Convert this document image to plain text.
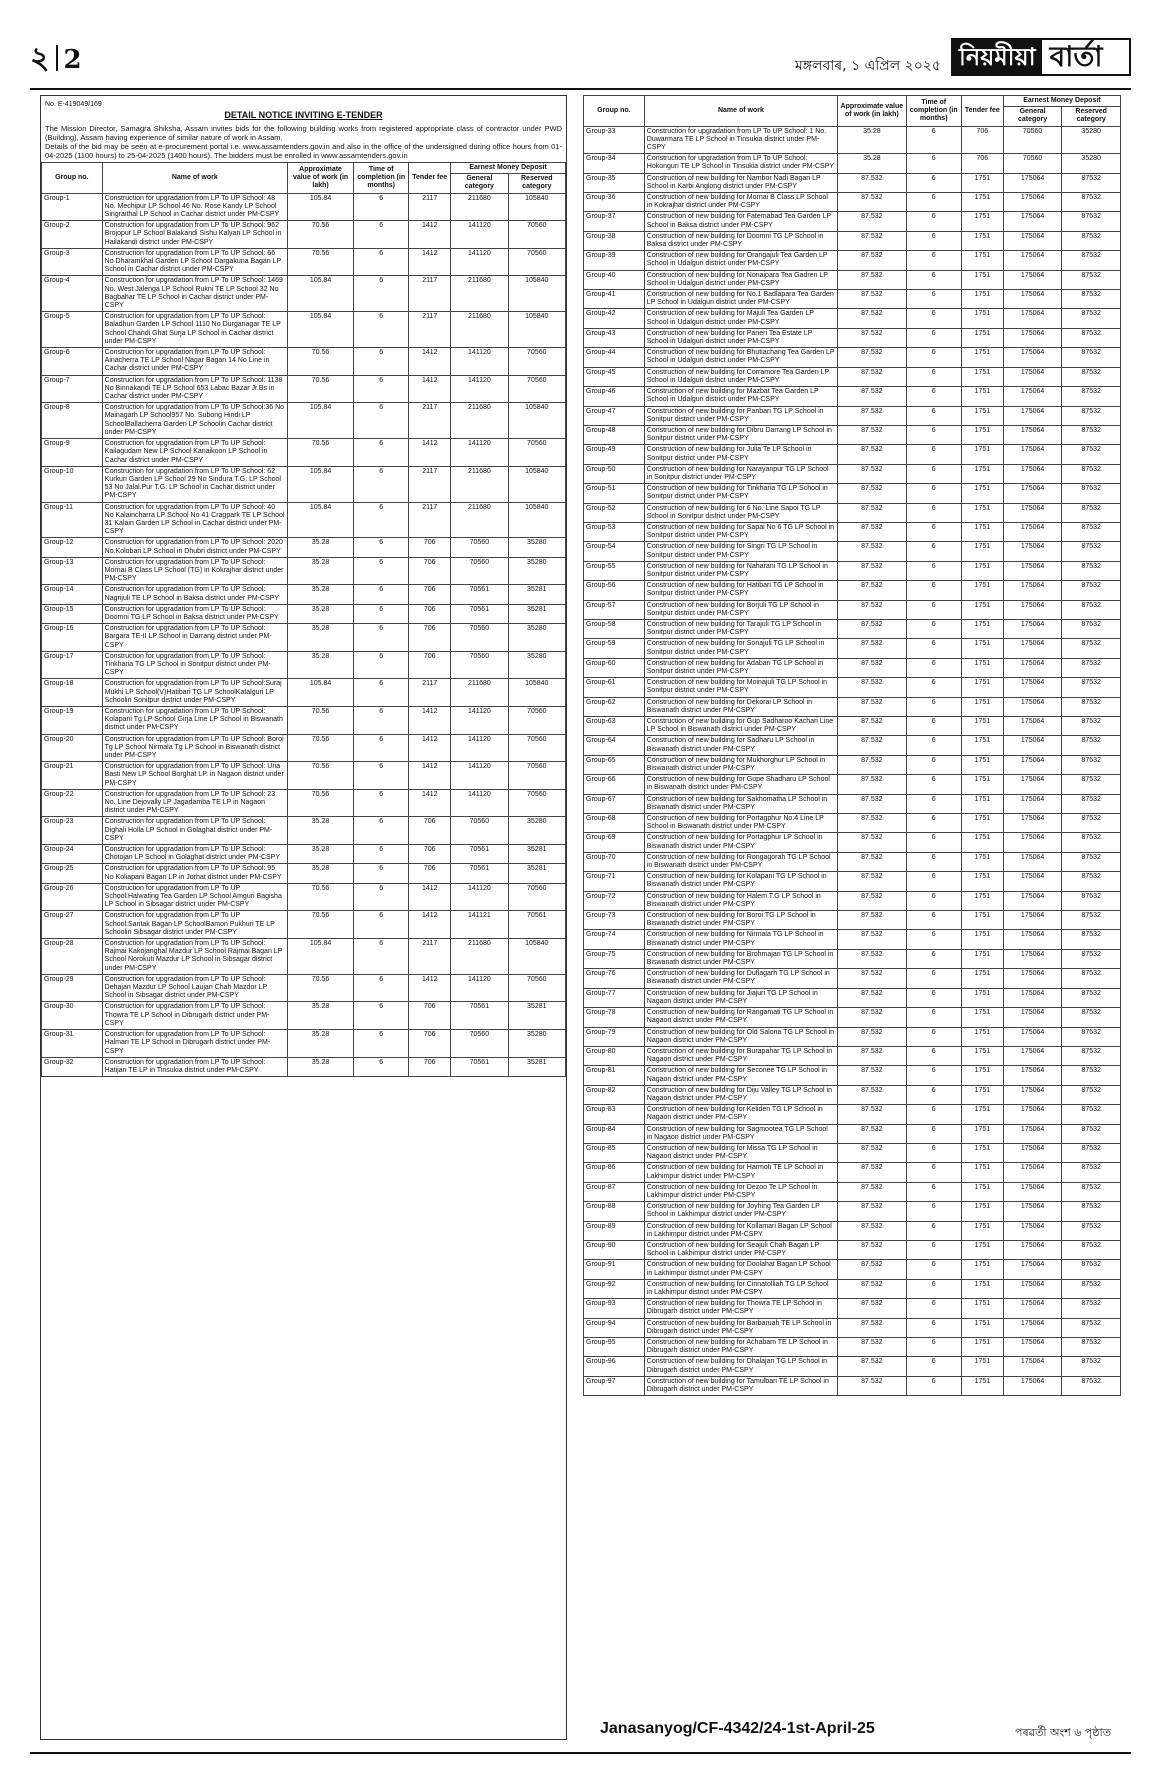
২ 2	মঙ্গলবাৰ, ১ এপ্ৰিল ২০২৫ নিয়মীয়া বাৰ্তা
No. E-419049/169
DETAIL NOTICE INVITING E-TENDER

The Mission Director, Samagra Shiksha, Assam invites bids for the following building works from registered appropriate class of contractor under PWD (Building), Assam having experience of similar nature of work in Assam.

Details of the bid may be seen at e-procurement portal i.e. www.assamtenders.gov.in and also in the office of the undersigned during office hours from 01-04-2025 (1100 hours) to 25-04-2025 (1400 hours). The bidders must be enrolled in www.assamtenders.gov.in

Group no.	Name of work	Approximate value of work (in lakh)	Time of completion (in months)	Tender fee	Earnest Money Deposit	
					General category	Reserved category
Group-1	Construction for upgradation from LP To UP School: 48 No. Mechipur LP School 46 No. Rose Kandy LP School Singraithal LP School in Cachar district under PM-CSPY	105.84	6	2117	211680	105840
Group-2	Construction for upgradation from LP To UP School: 962 Brojopur LP School Balakandi Sishu Kalyan LP School in Hailakandi district under PM-CSPY	70.56	6	1412	141120	70560
Group-3	Construction for upgradation from LP To UP School: 66 No Dharamkhal Garden LP School Dargakuna Bagan LP School in Cachar district under PM-CSPY	70.56	6	1412	141120	70560
Group-4	Construction for upgradation from LP To UP School: 1469 No. West Jalenga LP School Rukni TE LP School 32 No Bagbahar TE LP School in Cachar district under PM-CSPY	105.84	6	2117	211680	105840
Group-5	Construction for upgradation from LP To UP School: Baladhun Garden LP School 1110 No Durganagar TE LP School Chandi Ghat Surja LP School in Cachar district under PM-CSPY	105.84	6	2117	211680	105840
Group-6	Construction for upgradation from LP To UP School: Ainacherra TE LP School Nagar Bagan 14 No Line in Cachar district under PM-CSPY	70.56	6	1412	141120	70560
Group-7	Construction for upgradation from LP To UP School: 1138 No Binnakandi TE LP School 653 Labac Bazar Jr.Bs in Cachar district under PM-CSPY	70.56	6	1412	141120	70560
Group-8	Construction for upgradation from LP To UP School:36 No Mainagarh LP School957 No. Subong Hindi LP SchoolBallacherra Garden LP Schoolin Cachar district under PM-CSPY	105.84	6	2117	211680	105840
Group-9	Construction for upgradation from LP To UP School: Kailagudam New LP School Kanaikoon LP School in Cachar district under PM-CSPY	70.56	6	1412	141120	70560
Group-10	Construction for upgradation from LP To UP School: 62 Kurkuri Garden LP School 29 No Sindura T.G. LP School 53 No Jalal.Pur T.G. LP School in Cachar district under PM-CSPY	105.84	6	2117	211680	105840
Group-11	Construction for upgradation from LP To UP School: 40 No Kalaincharra LP School No 41 Cragpark TE LP School 31 Kalain Garden LP School in Cachar district under PM-CSPY	105.84	6	2117	211680	105840
Group-12	Construction for upgradation from LP To UP School: 2020 No.Kolobari LP School in Dhubri district under PM-CSPY	35.28	6	706	70560	35280
Group-13	Construction for upgradation from LP To UP School: Mornai B Class LP School (TG) in Kokrajhar district under PM-CSPY	35.28	6	706	70560	35280
Group-14	Construction for upgradation from LP To UP School: Nagrijuli TE LP School in Baksa district under PM-CSPY	35.28	6	706	70561	35281
Group-15	Construction for upgradation from LP To UP School: Doomni TG LP School in Baksa district under PM-CSPY	35.28	6	706	70561	35281
Group-16	Construction for upgradation from LP To UP School: Bargara TE-II LP School in Darrang district under PM-CSPY	35.28	6	706	70560	35280
Group-17	Construction for upgradation from LP To UP School: Tinkharia TG LP School in Sonitpur district under PM-CSPY	35.28	6	706	70560	35280
Group-18	Construction for upgradation from LP To UP School:Suraj Mukhi LP School(V)Hatibari TG LP SchoolKatalguri LP Schoolin Sonitpur district under PM-CSPY	105.84	6	2117	211680	105840
Group-19	Construction for upgradation from LP To UP School: Kolapani Tg LP School Girja Line LP School in Biswanath district under PM-CSPY	70.56	6	1412	141120	70560
Group-20	Construction for upgradation from LP To UP School: Boroi Tg LP School Nirmala Tg LP School in Biswanath district under PM-CSPY	70.56	6	1412	141120	70560
Group-21	Construction for upgradation from LP To UP School: Uria Basti New LP School Borghat LP. in Nagaon district under PM-CSPY	70.56	6	1412	141120	70560
Group-22	Construction for upgradation from LP To UP School: 23 No. Line Dejovally LP Jagadamba TE LP in Nagaon district under PM-CSPY	70.56	6	1412	141120	70560
Group-23	Construction for upgradation from LP To UP School: Dighali Holla LP School in Golaghat district under PM-CSPY	35.28	6	706	70560	35280
Group-24	Construction for upgradation from LP To UP School: Chotojan LP School in Golaghat district under PM-CSPY	35.28	6	706	70561	35281
Group-25	Construction for upgradation from LP To UP School: 95 No Koliapani Bagan LP in Jorhat district under PM-CSPY	35.28	6	706	70561	35281
Group-26	Construction for upgradation from LP To UP School:Halwating Tea Garden LP School Amguri Bagisha LP School in Sibsagar district under PM-CSPY	70.56	6	1412	141120	70560
Group-27	Construction for upgradation from LP To UP School:Santak Bagan LP SchoolBamon Pukhuri TE LP Schoolin Sibsagar district under PM-CSPY	70.56	6	1412	141121	70561
Group-28	Construction for upgradation from LP To UP School: Rajmai Kakojanghal Mazdur LP School Rajmai Bagan LP School Norokuti Mazdur LP School in Sibsagar district under PM-CSPY	105.84	6	2117	211680	105840
Group-29	Construction for upgradation from LP To UP School: Dehajan Mazdur LP School Laujan Chah Mazdor LP School in Sibsagar district under PM-CSPY	70.56	6	1412	141120	70560
Group-30	Construction for upgradation from LP To UP School: Thowra TE LP School in Dibrugarh district under PM-CSPY	35.28	6	706	70561	35281
Group-31	Construction for upgradation from LP To UP School: Halmari TE LP School in Dibrugarh district under PM-CSPY	35.28	6	706	70560	35280
Group-32	Construction for upgradation from LP To UP School: Hatijan TE LP in Tinsukia district under PM-CSPY	35.28	6	706	70561	35281
Group no.	Name of work	Approximate value of work (in lakh)	Time of completion (in months)	Tender fee	Earnest Money Deposit	
					General category	Reserved category
Group-33	Construction for upgradation from LP To UP School: 1 No. Duwarmara TE LP School in Tinsukia district under PM-CSPY	35.28	6	706	70560	35280
Group-34	Construction for upgradation from LP To UP School: Hokonguri TE LP School in Tinsukia district under PM-CSPY	35.28	6	706	70560	35280
Group-35	Construction of new building for Nambor Nadi Bagan LP School in Karbi Anglong district under PM-CSPY	87.532	6	1751	175064	87532
Group-36	Construction of new building for Mornai B Class LP School in Kokrajhar district under PM-CSPY	87.532	6	1751	175064	87532
Group-37	Construction of new building for Fatemabad Tea Garden LP School in Baksa district under PM-CSPY	87.532	6	1751	175064	87532
Group-38	Construction of new building for Doomni TG LP School in Baksa district under PM-CSPY	87.532	6	1751	175064	87532
Group-39	Construction of new building for Orangajuli Tea Garden LP School in Udalguri district under PM-CSPY	87.532	6	1751	175064	87532
Group-40	Construction of new building for Nonaipara Tea Gadren LP School in Udalguri district under PM-CSPY	87.532	6	1751	175064	87532
Group-41	Construction of new building for No.1 Badlapara Tea Garden LP School in Udalguri district under PM-CSPY	87.532	6	1751	175064	87532
Group-42	Construction of new building for Majuli Tea Garden LP School in Udalguri district under PM-CSPY	87.532	6	1751	175064	87532
Group-43	Construction of new building for Paneri Tea Estate LP School in Udalguri district under PM-CSPY	87.532	6	1751	175064	87532
Group-44	Construction of new building for Bhutiachang Tea Garden LP School in Udalguri district under PM-CSPY	87.532	6	1751	175064	87532
Group-45	Construction of new building for Corramore Tea Garden LP School in Udalguri district under PM-CSPY	87.532	6	1751	175064	87532
Group-46	Construction of new building for Mazbat Tea Garden LP School in Udalguri district under PM-CSPY	87.532	6	1751	175064	87532
Group-47	Construction of new building for Panbari TG LP School in Sonitpur district under PM-CSPY	87.532	6	1751	175064	87532
Group-48	Construction of new building for Dibru Darrang LP School in Sonitpur district under PM-CSPY	87.532	6	1751	175064	87532
Group-49	Construction of new building for Julia Te LP School in Sonitpur district under PM-CSPY	87.532	6	1751	175064	87532
Group-50	Construction of new building for Narayanpur TG LP School in Sonitpur district under PM-CSPY	87.532	6	1751	175064	87532
Group-51	Construction of new building for Tinkharia TG LP School in Sonitpur district under PM-CSPY	87.532	6	1751	175064	87532
Group-52	Construction of new building for 6 No. Line Sapoi TG LP School in Sonitpur district under PM-CSPY	87.532	6	1751	175064	87532
Group-53	Construction of new building for Sapai No 6 TG LP School in Sonitpur district under PM-CSPY	87.532	6	1751	175064	87532
Group-54	Construction of new building for Singri TG LP School in Sonitpur district under PM-CSPY	87.532	6	1751	175064	87532
Group-55	Construction of new building for Naharani TG LP School in Sonitpur district under PM-CSPY	87.532	6	1751	175064	87532
Group-56	Construction of new building for Hatibari TG LP School in Sonitpur district under PM-CSPY	87.532	6	1751	175064	87532
Group-57	Construction of new building for Borjuli TG LP School in Sonitpur district under PM-CSPY	87.532	6	1751	175064	87532
Group-58	Construction of new building for Tarajuli TG LP School in Sonitpur district under PM-CSPY	87.532	6	1751	175064	87532
Group-59	Construction of new building for Sonajuli TG LP School in Sonitpur district under PM-CSPY	87.532	6	1751	175064	87532
Group-60	Construction of new building for Adabari TG LP School in Sonitpur district under PM-CSPY	87.532	6	1751	175064	87532
Group-61	Construction of new building for Moinajuli TG LP School in Sonitpur district under PM-CSPY	87.532	6	1751	175064	87532
Group-62	Construction of new building for Dekorai LP School in Biswanath district under PM-CSPY	87.532	6	1751	175064	87532
Group-63	Construction of new building for Gup Sadharoo Kachari Line LP School in Biswanath district under PM-CSPY	87.532	6	1751	175064	87532
Group-64	Construction of new building for Sadharu LP School in Biswanath district under PM-CSPY	87.532	6	1751	175064	87532
Group-65	Construction of new building for Mukhorghur LP School in Biswanath district under PM-CSPY	87.532	6	1751	175064	87532
Group-66	Construction of new building for Gope Shadharu LP School in Biswanath district under PM-CSPY	87.532	6	1751	175064	87532
Group-67	Construction of new building for Sakhomatha LP School in Biswanath district under PM-CSPY	87.532	6	1751	175064	87532
Group-68	Construction of new building for Portagphur No.4 Line LP School in Biswanath district under PM-CSPY	87.532	6	1751	175064	87532
Group-69	Construction of new building for Portagphur LP School in Biswanath district under PM-CSPY	87.532	6	1751	175064	87532
Group-70	Construction of new building for Rongagorah TG LP School in Biswanath district under PM-CSPY	87.532	6	1751	175064	87532
Group-71	Construction of new building for Kolapani TG LP School in Biswanath district under PM-CSPY	87.532	6	1751	175064	87532
Group-72	Construction of new building for Halem T.G LP School in Biswanath district under PM-CSPY	87.532	6	1751	175064	87532
Group-73	Construction of new building for Boroi TG LP School in Biswanath district under PM-CSPY	87.532	6	1751	175064	87532
Group-74	Construction of new building for Nirmala TG LP School in Biswanath district under PM-CSPY	87.532	6	1751	175064	87532
Group-75	Construction of new building for Brohmajan TG LP School in Biswanath district under PM-CSPY	87.532	6	1751	175064	87532
Group-76	Construction of new building for Duflagarh TG LP School in Biswanath district under PM-CSPY	87.532	6	1751	175064	87532
Group-77	Construction of new building for Jiajuri TG LP School in Nagaon district under PM-CSPY	87.532	6	1751	175064	87532
Group-78	Construction of new building for Rangamati TG LP School in Nagaon district under PM-CSPY	87.532	6	1751	175064	87532
Group-79	Construction of new building for Old Salona TG LP School in Nagaon district under PM-CSPY	87.532	6	1751	175064	87532
Group-80	Construction of new building for Burapahar TG LP School in Nagaon district under PM-CSPY	87.532	6	1751	175064	87532
Group-81	Construction of new building for Seconee TG LP School in Nagaon district under PM-CSPY	87.532	6	1751	175064	87532
Group-82	Construction of new building for Diju Valley TG LP School in Nagaon district under PM-CSPY	87.532	6	1751	175064	87532
Group-83	Construction of new building for Keliden TG LP School in Nagaon district under PM-CSPY	87.532	6	1751	175064	87532
Group-84	Construction of new building for Sagmootea TG LP School in Nagaon district under PM-CSPY	87.532	6	1751	175064	87532
Group-85	Construction of new building for Missa TG LP School in Nagaon district under PM-CSPY	87.532	6	1751	175064	87532
Group-86	Construction of new building for Harmoti TE LP School in Lakhimpur district under PM-CSPY	87.532	6	1751	175064	87532
Group-87	Construction of new building for Dezoo Te LP School in Lakhimpur district under PM-CSPY	87.532	6	1751	175064	87532
Group-88	Construction of new building for Joyhing Tea Garden LP School in Lakhimpur district under PM-CSPY	87.532	6	1751	175064	87532
Group-89	Construction of new building for Kollamari Bagan LP School in Lakhimpur district under PM-CSPY	87.532	6	1751	175064	87532
Group-90	Construction of new building for Seajuli Chah Bagan LP School in Lakhimpur district under PM-CSPY	87.532	6	1751	175064	87532
Group-91	Construction of new building for Doolahat Bagan LP School in Lakhimpur district under PM-CSPY	87.532	6	1751	175064	87532
Group-92	Construction of new building for Cinnatolliah TG LP School in Lakhimpur district under PM-CSPY	87.532	6	1751	175064	87532
Group-93	Construction of new building for Thowra TE LP School in Dibrugarh district under PM-CSPY	87.532	6	1751	175064	87532
Group-94	Construction of new building for Barbaruah TE LP School in Dibrugarh district under PM-CSPY	87.532	6	1751	175064	87532
Group-95	Construction of new building for Achabam TE LP School in Dibrugarh district under PM-CSPY	87.532	6	1751	175064	87532
Group-96	Construction of new building for Dhalajan TG LP School in Dibrugarh district under PM-CSPY	87.532	6	1751	175064	87532
Group-97	Construction of new building for Tamulbari TE LP School in Dibrugarh district under PM-CSPY	87.532	6	1751	175064	87532
Janasanyog/CF-4342/24-1st-April-25	পৰৱৰ্তী অংশ ৬ পৃষ্ঠাত
